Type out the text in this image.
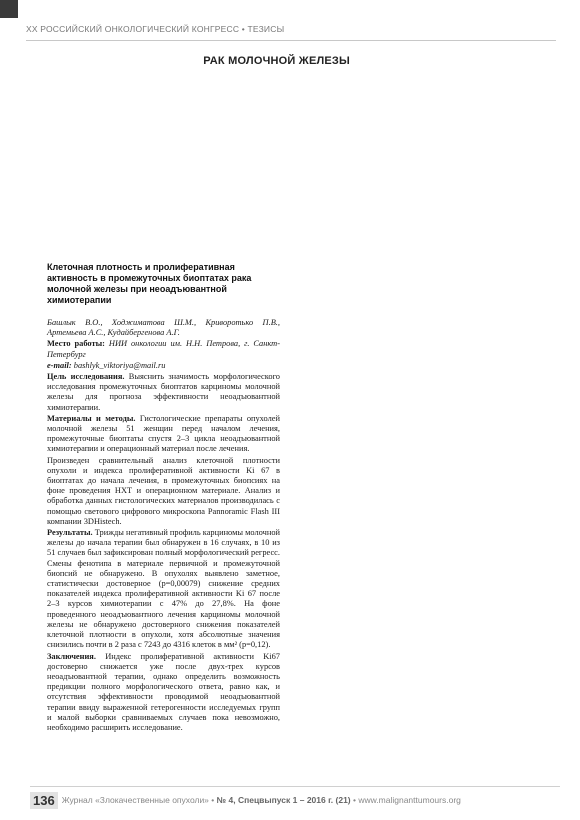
XX РОССИЙСКИЙ ОНКОЛОГИЧЕСКИЙ КОНГРЕСС • ТЕЗИСЫ
РАК МОЛОЧНОЙ ЖЕЛЕЗЫ
Клеточная плотность и пролиферативная активность в промежуточных биоптатах рака молочной железы при неоадъювантной химиотерапии

Башлык В.О., Ходжиматова Ш.М., Криворотько П.В., Артемьева А.С., Кудайбергенова А.Г.

Место работы: НИИ онкологии им. Н.Н. Петрова, г. Санкт-Петербург

e-mail: bashlyk_viktoriya@mail.ru

Цель исследования. Выяснить значимость морфологического исследования промежуточных биоптатов карциномы молочной железы для прогноза эффективности неоадъювантной химиотерапии.

Материалы и методы. Гистологические препараты опухолей молочной железы 51 женщин перед началом лечения, промежуточные биоптаты спустя 2–3 цикла неоадъювантной химиотерапии и операционный материал после лечения.

Произведен сравнительный анализ клеточной плотности опухоли и индекса пролиферативной активности Ki 67 в биоптатах до начала лечения, в промежуточных биопсиях на фоне проведения НХТ и операционном материале. Анализ и обработка данных гистологических материалов производилась с помощью светового цифрового микроскопа Pannoramic Flash III компании 3DHistech.

Результаты. Трижды негативный профиль карциномы молочной железы до начала терапии был обнаружен в 16 случаях, в 10 из 51 случаев был зафиксирован полный морфологический регресс. Смены фенотипа в материале первичной и промежуточной биопсий не обнаружено. В опухолях выявлено заметное, статистически достоверное (p=0,00079) снижение средних показателей индекса пролиферативной активности Ki 67 после 2–3 курсов химиотерапии с 47% до 27,8%. На фоне проведенного неоадъювантного лечения карциномы молочной железы не обнаружено достоверного снижения показателей клеточной плотности в опухоли, хотя абсолютные значения снизились почти в 2 раза с 7243 до 4316 клеток в мм² (p=0,12).

Заключения. Индекс пролиферативной активности Ki67 достоверно снижается уже после двух-трех курсов неоадъювантной терапии, однако определить возможность предикции полного морфологического ответа, равно как, и отсутствия эффективности проводимой неоадъювантной терапии ввиду выраженной гетерогенности исследуемых групп и малой выборки сравниваемых случаев пока невозможно, необходимо расширить исследование.

136 Журнал «Злокачественные опухоли»
•
№ 4, Спецвыпуск 1 – 2016 г. (21)
•
www.malignanttumours.org
